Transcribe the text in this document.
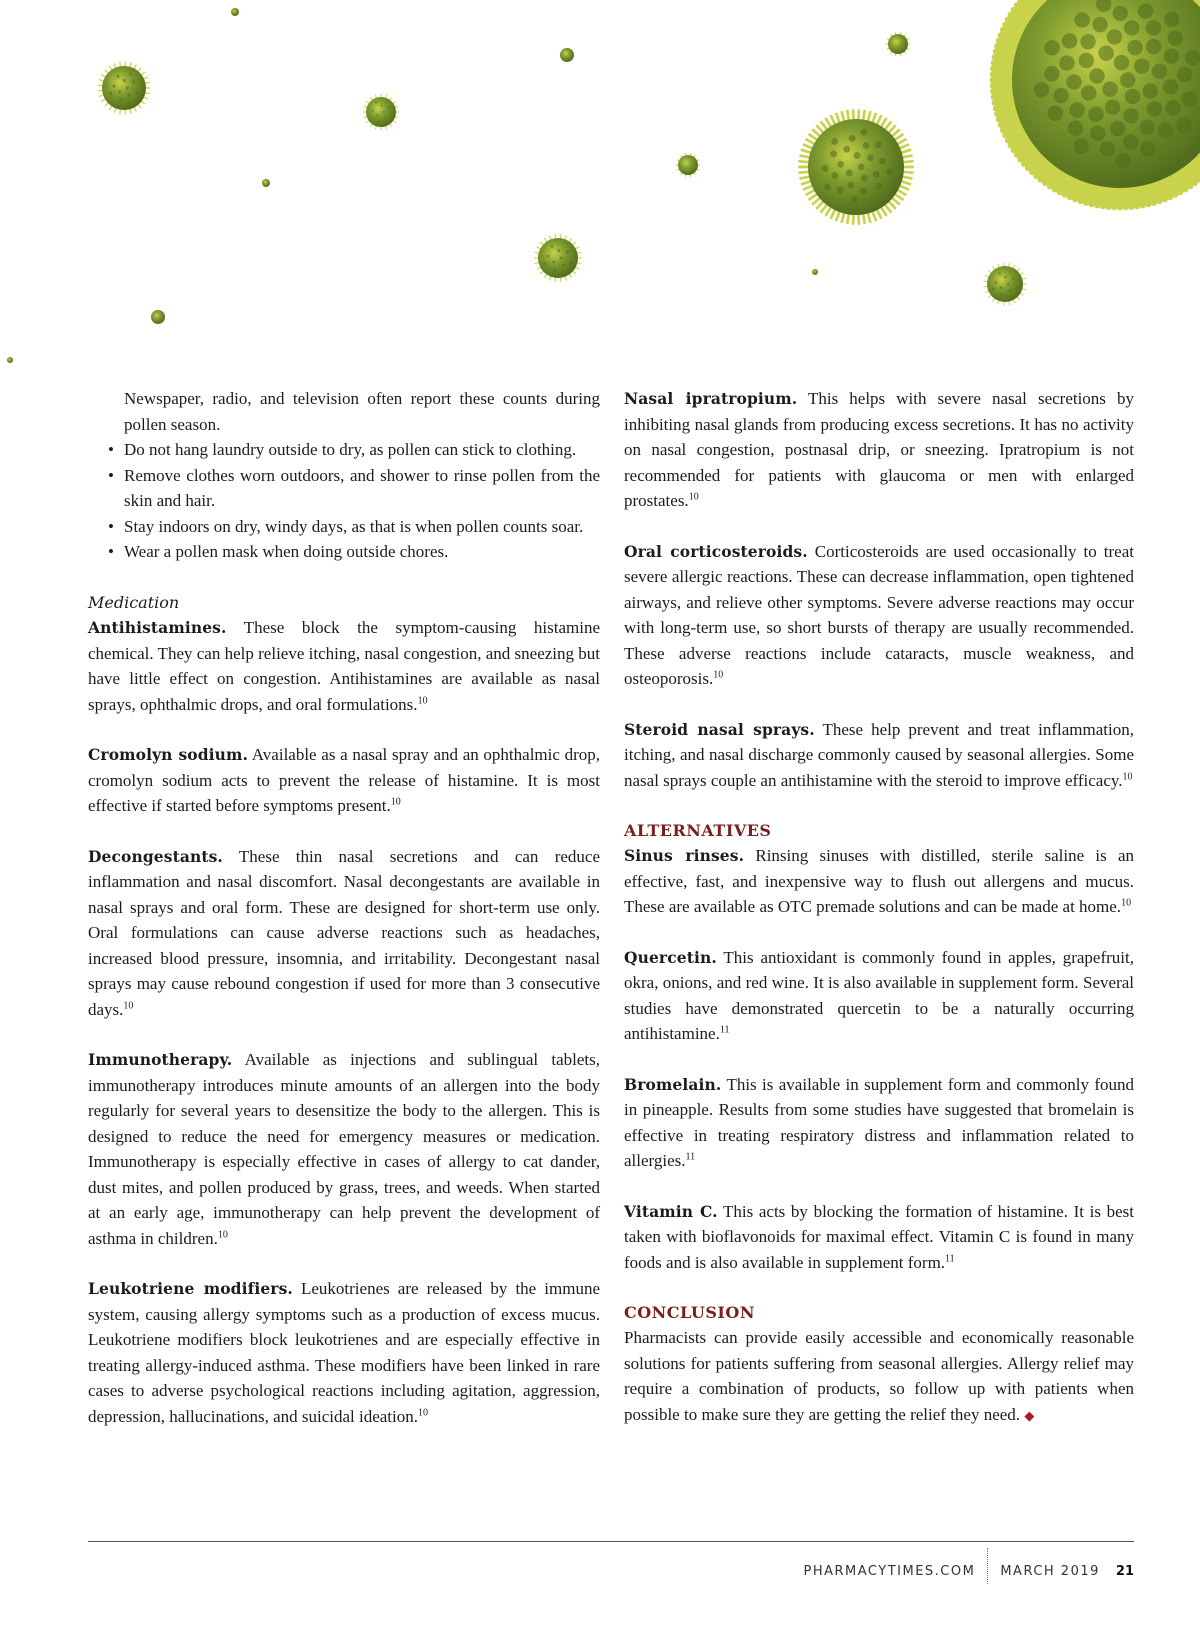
Newspaper, radio, and television often report these counts during pollen season.

• Do not hang laundry outside to dry, as pollen can stick to clothing.
• Remove clothes worn outdoors, and shower to rinse pollen from the skin and hair.
• Stay indoors on dry, windy days, as that is when pollen counts soar.
• Wear a pollen mask when doing outside chores.

Medication

Antihistamines. These block the symptom-causing histamine chemical. They can help relieve itching, nasal congestion, and sneezing but have little effect on congestion. Antihistamines are available as nasal sprays, ophthalmic drops, and oral formulations.$^{10}$

Cromolyn sodium. Available as a nasal spray and an ophthalmic drop, cromolyn sodium acts to prevent the release of histamine. It is most effective if started before symptoms present.$^{10}$

Decongestants. These thin nasal secretions and can reduce inflammation and nasal discomfort. Nasal decongestants are available in nasal sprays and oral form. These are designed for short-term use only. Oral formulations can cause adverse reactions such as headaches, increased blood pressure, insomnia, and irritability. Decongestant nasal sprays may cause rebound congestion if used for more than 3 consecutive days.$^{10}$

Immunotherapy. Available as injections and sublingual tablets, immunotherapy introduces minute amounts of an allergen into the body regularly for several years to desensitize the body to the allergen. This is designed to reduce the need for emergency measures or medication. Immunotherapy is especially effective in cases of allergy to cat dander, dust mites, and pollen produced by grass, trees, and weeds. When started at an early age, immunotherapy can help prevent the development of asthma in children.$^{10}$

Leukotriene modifiers. Leukotrienes are released by the immune system, causing allergy symptoms such as a production of excess mucus. Leukotriene modifiers block leukotrienes and are especially effective in treating allergy-induced asthma. These modifiers have been linked in rare cases to adverse psychological reactions including agitation, aggression, depression, hallucinations, and suicidal ideation.$^{10}$

Nasal ipratropium. This helps with severe nasal secretions by inhibiting nasal glands from producing excess secretions. It has no activity on nasal congestion, postnasal drip, or sneezing. Ipratropium is not recommended for patients with glaucoma or men with enlarged prostates.$^{10}$

Oral corticosteroids. Corticosteroids are used occasionally to treat severe allergic reactions. These can decrease inflammation, open tightened airways, and relieve other symptoms. Severe adverse reactions may occur with long-term use, so short bursts of therapy are usually recommended. These adverse reactions include cataracts, muscle weakness, and osteoporosis.$^{10}$

Steroid nasal sprays. These help prevent and treat inflammation, itching, and nasal discharge commonly caused by seasonal allergies. Some nasal sprays couple an antihistamine with the steroid to improve efficacy.$^{10}$

ALTERNATIVES

Sinus rinses. Rinsing sinuses with distilled, sterile saline is an effective, fast, and inexpensive way to flush out allergens and mucus. These are available as OTC premade solutions and can be made at home.$^{10}$

Quercetin. This antioxidant is commonly found in apples, grapefruit, okra, onions, and red wine. It is also available in supplement form. Several studies have demonstrated quercetin to be a naturally occurring antihistamine.$^{11}$

Bromelain. This is available in supplement form and commonly found in pineapple. Results from some studies have suggested that bromelain is effective in treating respiratory distress and inflammation related to allergies.$^{11}$

Vitamin C. This acts by blocking the formation of histamine. It is best taken with bioflavonoids for maximal effect. Vitamin C is found in many foods and is also available in supplement form.$^{11}$

CONCLUSION

Pharmacists can provide easily accessible and economically reasonable solutions for patients suffering from seasonal allergies. Allergy relief may require a combination of products, so follow up with patients when possible to make sure they are getting the relief they need. ◆

PHARMACYTIMES.COM MARCH 2019 21
